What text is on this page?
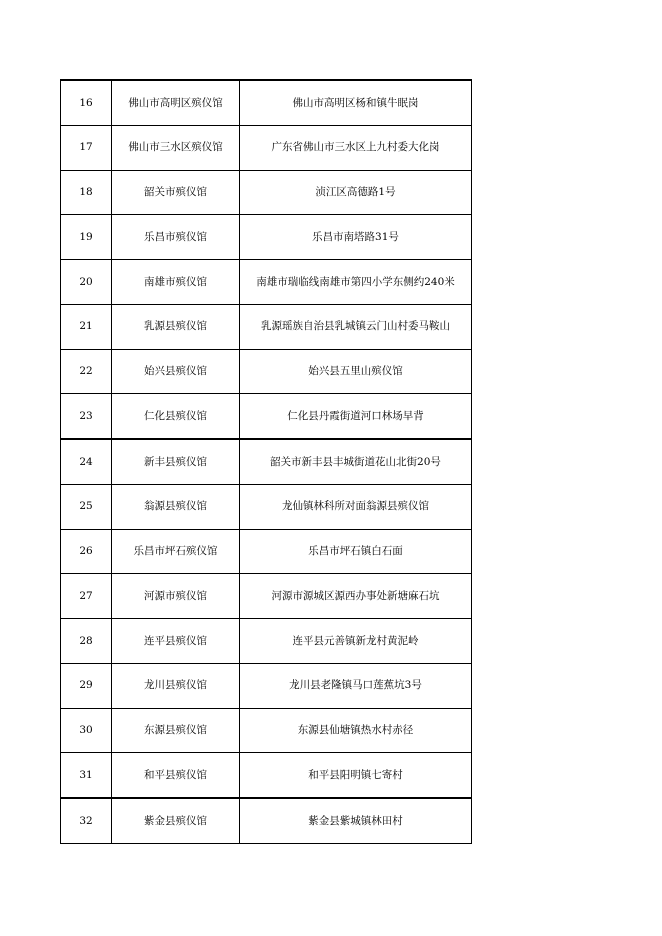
16	佛山市高明区殡仪馆	佛山市高明区杨和镇牛眠岗
17	佛山市三水区殡仪馆	广东省佛山市三水区上九村委大化岗
18	韶关市殡仪馆	浈江区高德路1号
19	乐昌市殡仪馆	乐昌市南塔路31号
20	南雄市殡仪馆	南雄市瑞临线南雄市第四小学东侧约240米
21	乳源县殡仪馆	乳源瑶族自治县乳城镇云门山村委马鞍山
22	始兴县殡仪馆	始兴县五里山殡仪馆
23	仁化县殡仪馆	仁化县丹霞街道河口林场早背
24	新丰县殡仪馆	韶关市新丰县丰城街道花山北街20号
25	翁源县殡仪馆	龙仙镇林科所对面翁源县殡仪馆
26	乐昌市坪石殡仪馆	乐昌市坪石镇白石面
27	河源市殡仪馆	河源市源城区源西办事处新塘麻石坑
28	连平县殡仪馆	连平县元善镇新龙村黄泥岭
29	龙川县殡仪馆	龙川县老隆镇马口莲蕉坑3号
30	东源县殡仪馆	东源县仙塘镇热水村赤径
31	和平县殡仪馆	和平县阳明镇七寄村
32	紫金县殡仪馆	紫金县紫城镇林田村
